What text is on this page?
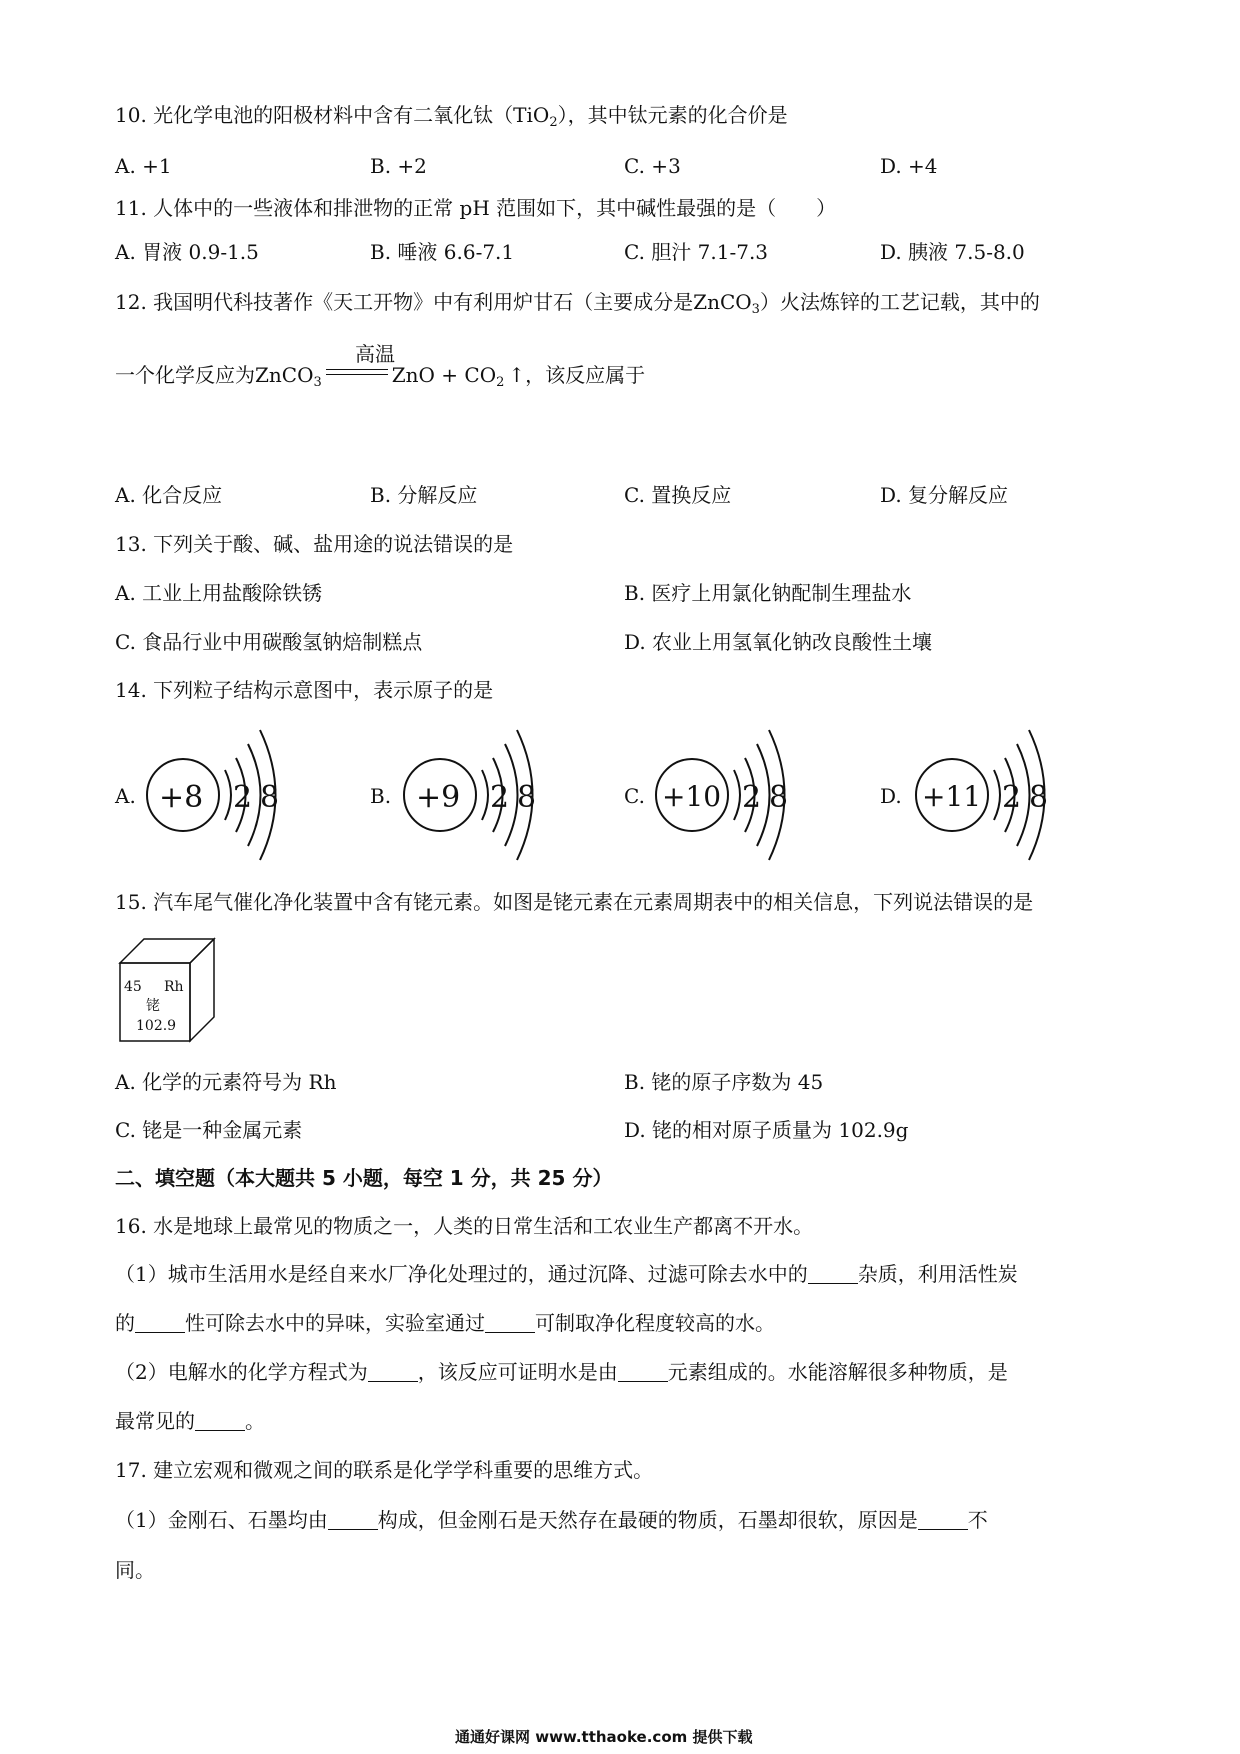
10. 光化学电池的阳极材料中含有二氧化钛（TiO$_2$），其中钛元素的化合价是
A. +1	B. +2	C. +3	D. +4
11. 人体中的一些液体和排泄物的正常 pH 范围如下，其中碱性最强的是（　　）
A. 胃液 0.9-1.5	B. 唾液 6.6-7.1	C. 胆汁 7.1-7.3	D. 胰液 7.5-8.0
12. 我国明代科技著作《天工开物》中有利用炉甘石（主要成分是ZnCO$_3$）火法炼锌的工艺记载，其中的
一个化学反应为ZnCO$_3$	ZnO + $CO_2$ ↑，该反应属于
高温
A. 化合反应	B. 分解反应	C. 置换反应	D. 复分解反应
13. 下列关于酸、碱、盐用途的说法错误的是
A. 工业上用盐酸除铁锈	B. 医疗上用氯化钠配制生理盐水
C. 食品行业中用碳酸氢钠焙制糕点	D. 农业上用氢氧化钠改良酸性土壤
14. 下列粒子结构示意图中，表示原子的是
A. +8 2 8	B. +9 2 8	C. +10 2 8	D. +11 2 8
15. 汽车尾气催化净化装置中含有铑元素。如图是铑元素在元素周期表中的相关信息，下列说法错误的是
45 Rh
铑
102.9
A. 化学的元素符号为 Rh	B. 铑的原子序数为 45
C. 铑是一种金属元素	D. 铑的相对原子质量为 102.9g
二、填空题（本大题共 5 小题，每空 1 分，共 25 分）
16. 水是地球上最常见的物质之一，人类的日常生活和工农业生产都离不开水。
（1）城市生活用水是经自来水厂净化处理过的，通过沉降、过滤可除去水中的	杂质，利用活性炭
的	性可除去水中的异味，实验室通过	可制取净化程度较高的水。
（2）电解水的化学方程式为	，该反应可证明水是由	元素组成的。水能溶解很多种物质，是
最常见的	。
17. 建立宏观和微观之间的联系是化学学科重要的思维方式。
（1）金刚石、石墨均由	构成，但金刚石是天然存在最硬的物质，石墨却很软，原因是	不
同。
通通好课网 www.tthaoke.com 提供下载
